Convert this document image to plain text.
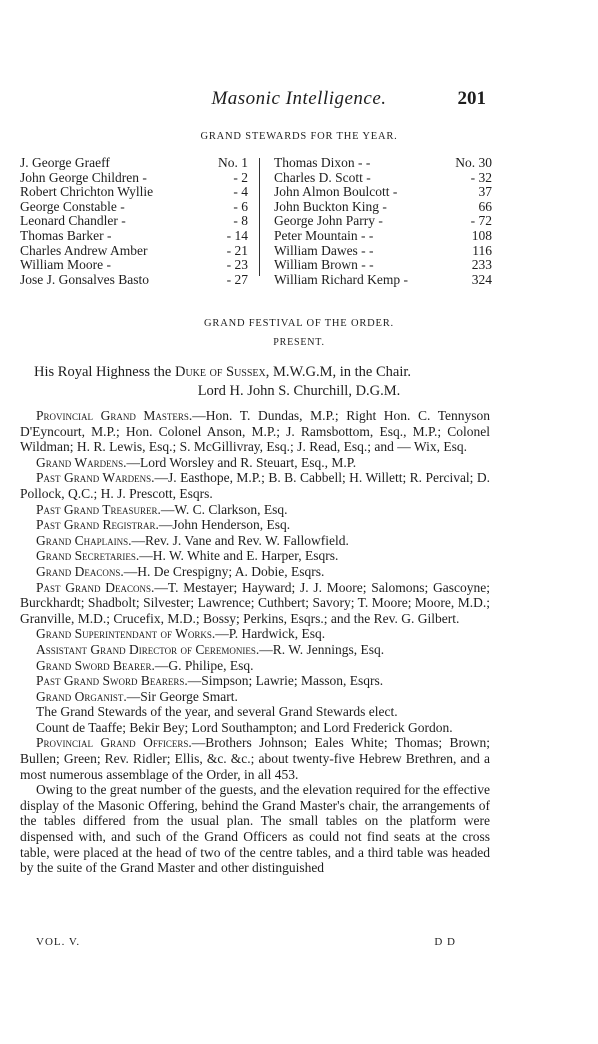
Masonic Intelligence.	201
GRAND STEWARDS FOR THE YEAR.
J. George Graeff	No. 1
John George Children -	- 2
Robert Chrichton Wyllie	- 4
George Constable -	- 6
Leonard Chandler -	- 8
Thomas Barker -	- 14
Charles Andrew Amber	- 21
William Moore -	- 23
Jose J. Gonsalves Basto	- 27
Thomas Dixon - -	No. 30
Charles D. Scott -	- 32
John Almon Boulcott -	37
John Buckton King -	66
George John Parry -	- 72
Peter Mountain - -	108
William Dawes - -	116
William Brown - -	233
William Richard Kemp -	324
GRAND FESTIVAL OF THE ORDER.
PRESENT.
His Royal Highness the Duke of Sussex, M.W.G.M, in the Chair.
Lord H. John S. Churchill, D.G.M.

Provincial Grand Masters.—Hon. T. Dundas, M.P.; Right Hon. C. Tennyson D'Eyncourt, M.P.; Hon. Colonel Anson, M.P.; J. Ramsbottom, Esq., M.P.; Colonel Wildman; H. R. Lewis, Esq.; S. McGillivray, Esq.; J. Read, Esq.; and — Wix, Esq.

Grand Wardens.—Lord Worsley and R. Steuart, Esq., M.P.

Past Grand Wardens.—J. Easthope, M.P.; B. B. Cabbell; H. Willett; R. Percival; D. Pollock, Q.C.; H. J. Prescott, Esqrs.

Past Grand Treasurer.—W. C. Clarkson, Esq.

Past Grand Registrar.—John Henderson, Esq.

Grand Chaplains.—Rev. J. Vane and Rev. W. Fallowfield.

Grand Secretaries.—H. W. White and E. Harper, Esqrs.

Grand Deacons.—H. De Crespigny; A. Dobie, Esqrs.

Past Grand Deacons.—T. Mestayer; Hayward; J. J. Moore; Salomons; Gascoyne; Burckhardt; Shadbolt; Silvester; Lawrence; Cuthbert; Savory; T. Moore; Moore, M.D.; Granville, M.D.; Crucefix, M.D.; Bossy; Perkins, Esqrs.; and the Rev. G. Gilbert.

Grand Superintendant of Works.—P. Hardwick, Esq.

Assistant Grand Director of Ceremonies.—R. W. Jennings, Esq.

Grand Sword Bearer.—G. Philipe, Esq.

Past Grand Sword Bearers.—Simpson; Lawrie; Masson, Esqrs.

Grand Organist.—Sir George Smart.

The Grand Stewards of the year, and several Grand Stewards elect.

Count de Taaffe; Bekir Bey; Lord Southampton; and Lord Frederick Gordon.

Provincial Grand Officers.—Brothers Johnson; Eales White; Thomas; Brown; Bullen; Green; Rev. Ridler; Ellis, &c. &c.; about twenty-five Hebrew Brethren, and a most numerous assemblage of the Order, in all 453.

Owing to the great number of the guests, and the elevation required for the effective display of the Masonic Offering, behind the Grand Master's chair, the arrangements of the tables differed from the usual plan. The small tables on the platform were dispensed with, and such of the Grand Officers as could not find seats at the cross table, were placed at the head of two of the centre tables, and a third table was headed by the suite of the Grand Master and other distinguished

VOL. V.	D D
